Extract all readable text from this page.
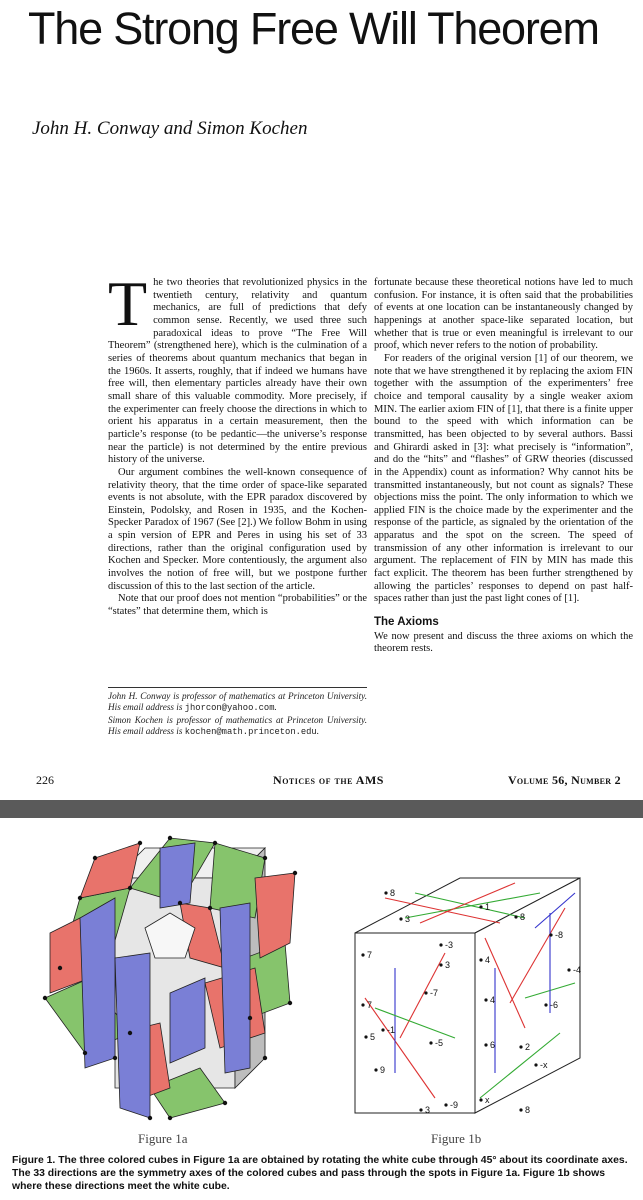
The Strong Free Will Theorem
John H. Conway and Simon Kochen

The two theories that revolutionized physics in the twentieth century, relativity and quantum mechanics, are full of predictions that defy common sense. Recently, we used three such paradoxical ideas to prove “The Free Will Theorem” (strengthened here), which is the culmination of a series of theorems about quantum mechanics that began in the 1960s. It asserts, roughly, that if indeed we humans have free will, then elementary particles already have their own small share of this valuable commodity. More precisely, if the experimenter can freely choose the directions in which to orient his apparatus in a certain measurement, then the particle’s response (to be pedantic—the universe’s response near the particle) is not determined by the entire previous history of the universe.

Our argument combines the well-known consequence of relativity theory, that the time order of space-like separated events is not absolute, with the EPR paradox discovered by Einstein, Podolsky, and Rosen in 1935, and the Kochen-Specker Paradox of 1967 (See [2].) We follow Bohm in using a spin version of EPR and Peres in using his set of 33 directions, rather than the original configuration used by Kochen and Specker. More contentiously, the argument also involves the notion of free will, but we postpone further discussion of this to the last section of the article.

Note that our proof does not mention “probabilities” or the “states” that determine them, which is

John H. Conway is professor of mathematics at Princeton University. His email address is jhorcon@yahoo.com.
Simon Kochen is professor of mathematics at Princeton University. His email address is kochen@math.princeton.edu.

fortunate because these theoretical notions have led to much confusion. For instance, it is often said that the probabilities of events at one location can be instantaneously changed by happenings at another space-like separated location, but whether that is true or even meaningful is irrelevant to our proof, which never refers to the notion of probability.

For readers of the original version [1] of our theorem, we note that we have strengthened it by replacing the axiom FIN together with the assumption of the experimenters’ free choice and temporal causality by a single weaker axiom MIN. The earlier axiom FIN of [1], that there is a finite upper bound to the speed with which information can be transmitted, has been objected to by several authors. Bassi and Ghirardi asked in [3]: what precisely is “information”, and do the “hits” and “flashes” of GRW theories (discussed in the Appendix) count as information? Why cannot hits be transmitted instantaneously, but not count as signals? These objections miss the point. The only information to which we applied FIN is the choice made by the experimenter and the response of the particle, as signaled by the orientation of the apparatus and the spot on the screen. The speed of transmission of any other information is irrelevant to our argument. The replacement of FIN by MIN has made this fact explicit. The theorem has been further strengthened by allowing the particles’ responses to depend on past half-spaces rather than just the past light cones of [1].

The Axioms

We now present and discuss the three axioms on which the theorem rests.

226	Notices of the AMS	Volume 56, Number 2
8
1
3	8
7	4
-3
-8
-4
7
3
-7
4
5
-1
-6
2
-5	6
9	-x
3 -9	x
8
Figure 1a	Figure 1b
Figure 1. The three colored cubes in Figure 1a are obtained by rotating the white cube through 45° about its coordinate axes. The 33 directions are the symmetry axes of the colored cubes and pass through the spots in Figure 1a. Figure 1b shows where these directions meet the white cube.
